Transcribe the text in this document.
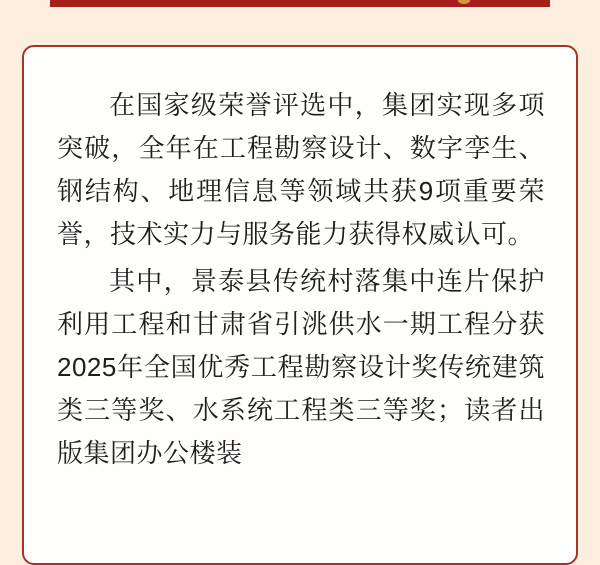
在国家级荣誉评选中，集团实现多项突破，全年在工程勘察设计、数字孪生、钢结构、地理信息等领域共获9项重要荣誉，技术实力与服务能力获得权威认可。

其中，景泰县传统村落集中连片保护利用工程和甘肃省引洮供水一期工程分获2025年全国优秀工程勘察设计奖传统建筑类三等奖、水系统工程类三等奖；读者出版集团办公楼装
